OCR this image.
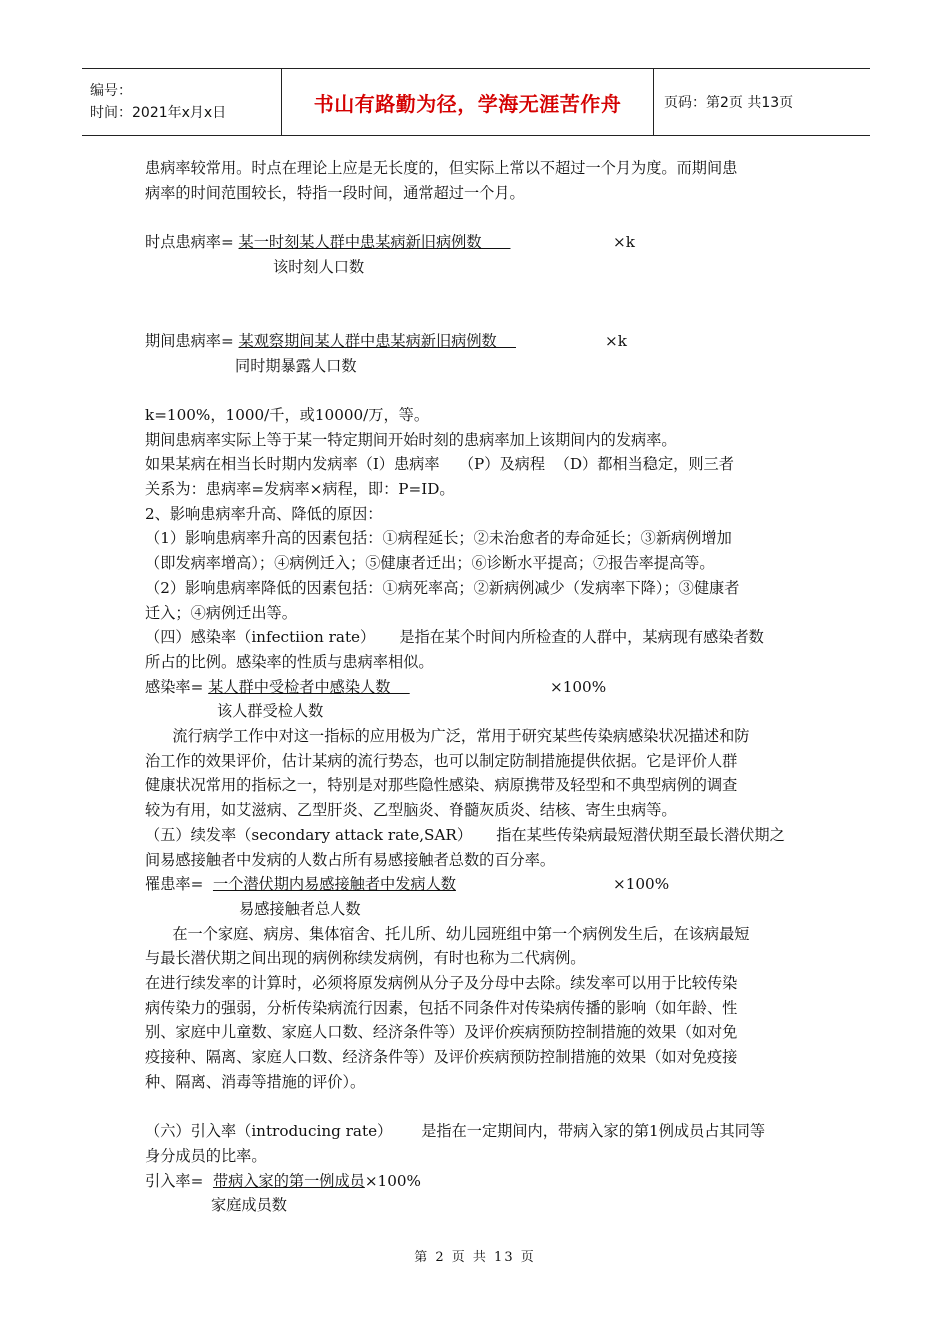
编号：
时间：2021年x月x日	书山有路勤为径，学海无涯苦作舟	页码：第2页 共13页

患病率较常用。时点在理论上应是无长度的，但实际上常以不超过一个月为度。而期间患

病率的时间范围较长，特指一段时间，通常超过一个月。

时点患病率= 某一时刻某人群中患某病新旧病例数	×k
该时刻人口数
期间患病率= 某观察期间某人群中患某病新旧病例数	×k
同时期暴露人口数

k=100%，1000/千，或10000/万，等。

期间患病率实际上等于某一特定期间开始时刻的患病率加上该期间内的发病率。

如果某病在相当长时期内发病率（I）患病率    （P）及病程  （D）都相当稳定，则三者

关系为：患病率=发病率×病程，即：P=ID。

2、影响患病率升高、降低的原因：

（1）影响患病率升高的因素包括：①病程延长；②未治愈者的寿命延长；③新病例增加

（即发病率增高）；④病例迁入；⑤健康者迁出；⑥诊断水平提高；⑦报告率提高等。

（2）影响患病率降低的因素包括：①病死率高；②新病例减少（发病率下降）；③健康者

迁入；④病例迁出等。

（四）感染率（infectiion rate）     是指在某个时间内所检查的人群中，某病现有感染者数

所占的比例。感染率的性质与患病率相似。

感染率= 某人群中受检者中感染人数	×100%
该人群受检人数

流行病学工作中对这一指标的应用极为广泛，常用于研究某些传染病感染状况描述和防

治工作的效果评价，估计某病的流行势态，也可以制定防制措施提供依据。它是评价人群

健康状况常用的指标之一，特别是对那些隐性感染、病原携带及轻型和不典型病例的调查

较为有用，如艾滋病、乙型肝炎、乙型脑炎、脊髓灰质炎、结核、寄生虫病等。

（五）续发率（secondary attack rate,SAR）     指在某些传染病最短潜伏期至最长潜伏期之

间易感接触者中发病的人数占所有易感接触者总数的百分率。

罹患率=  一个潜伏期内易感接触者中发病人数	×100%
易感接触者总人数

在一个家庭、病房、集体宿舍、托儿所、幼儿园班组中第一个病例发生后，在该病最短

与最长潜伏期之间出现的病例称续发病例，有时也称为二代病例。

在进行续发率的计算时，必须将原发病例从分子及分母中去除。续发率可以用于比较传染

病传染力的强弱，分析传染病流行因素，包括不同条件对传染病传播的影响（如年龄、性

别、家庭中儿童数、家庭人口数、经济条件等）及评价疾病预防控制措施的效果（如对免

疫接种、隔离、家庭人口数、经济条件等）及评价疾病预防控制措施的效果（如对免疫接

种、隔离、消毒等措施的评价）。

（六）引入率（introducing rate）      是指在一定期间内，带病入家的第1例成员占其同等

身分成员的比率。

引入率=  带病入家的第一例成员×100%
家庭成员数
第 2 页 共 13 页
